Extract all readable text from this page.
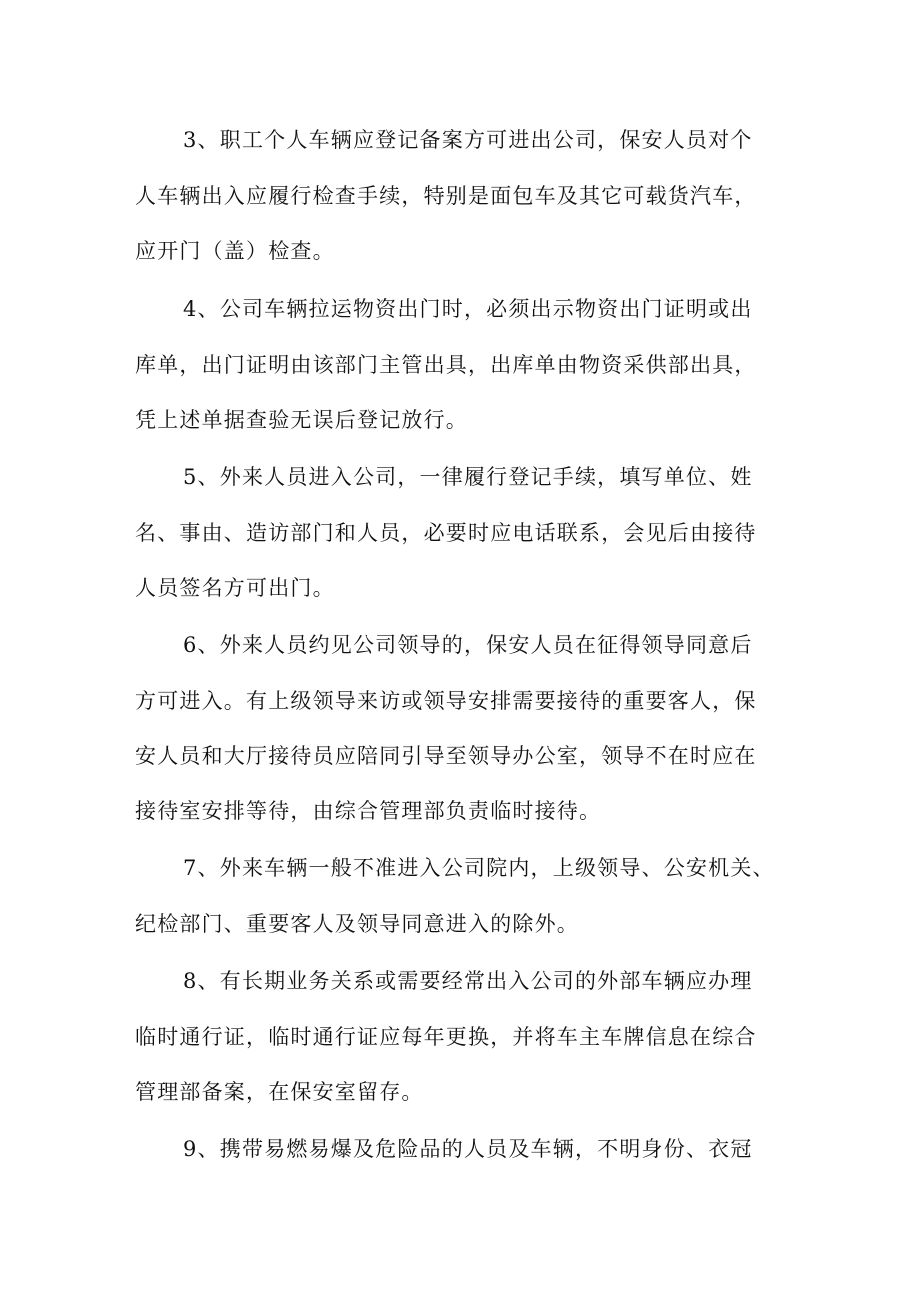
3、职工个人车辆应登记备案方可进出公司，保安人员对个
人车辆出入应履行检查手续，特别是面包车及其它可载货汽车，
应开门（盖）检查。
4、公司车辆拉运物资出门时，必须出示物资出门证明或出
库单，出门证明由该部门主管出具，出库单由物资采供部出具，
凭上述单据查验无误后登记放行。
5、外来人员进入公司，一律履行登记手续，填写单位、姓
名、事由、造访部门和人员，必要时应电话联系，会见后由接待
人员签名方可出门。
6、外来人员约见公司领导的，保安人员在征得领导同意后
方可进入。有上级领导来访或领导安排需要接待的重要客人，保
安人员和大厅接待员应陪同引导至领导办公室，领导不在时应在
接待室安排等待，由综合管理部负责临时接待。
7、外来车辆一般不准进入公司院内，上级领导、公安机关、
纪检部门、重要客人及领导同意进入的除外。
8、有长期业务关系或需要经常出入公司的外部车辆应办理
临时通行证，临时通行证应每年更换，并将车主车牌信息在综合
管理部备案，在保安室留存。
9、携带易燃易爆及危险品的人员及车辆，不明身份、衣冠
